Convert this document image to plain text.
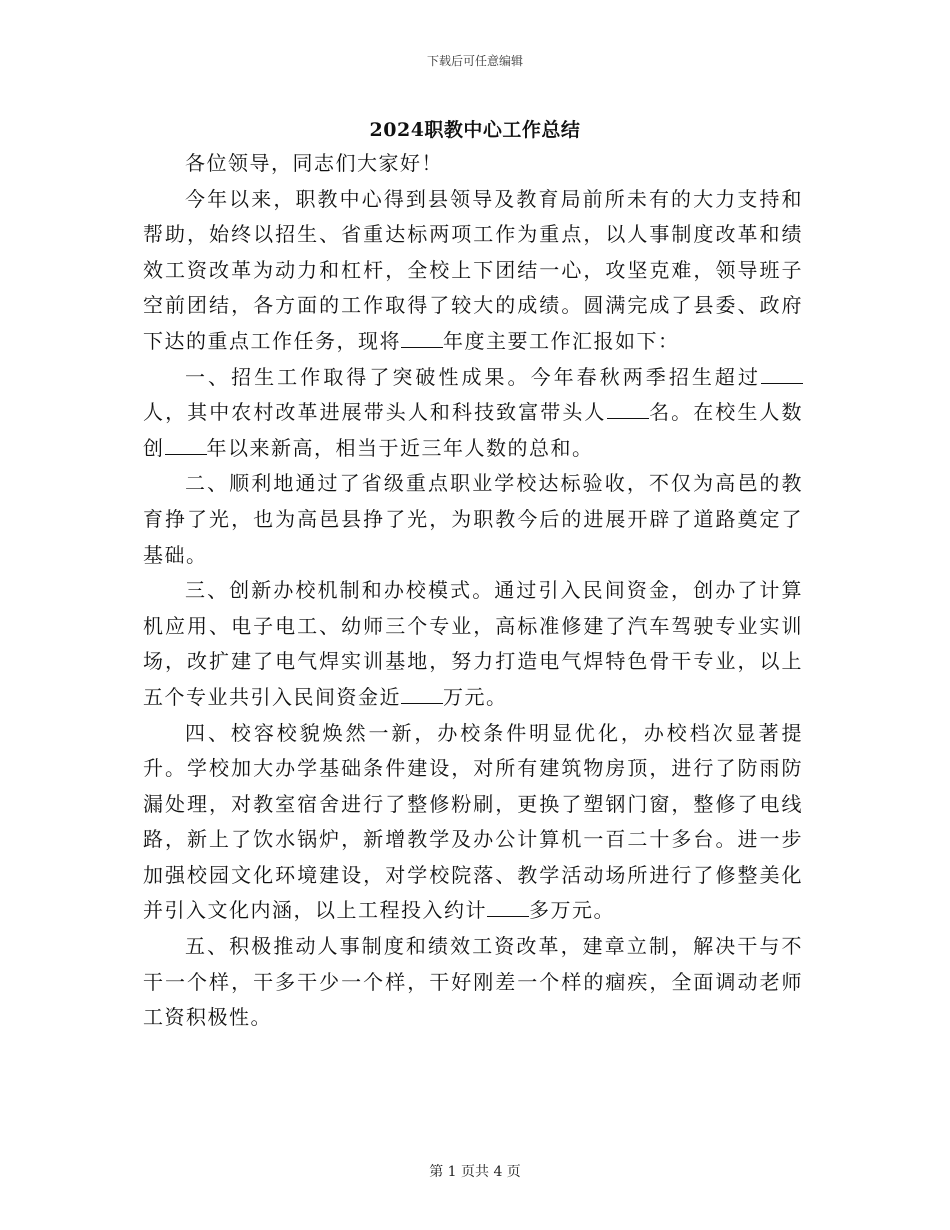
下载后可任意编辑
2024职教中心工作总结

各位领导，同志们大家好！

今年以来，职教中心得到县领导及教育局前所未有的大力支持和帮助，始终以招生、省重达标两项工作为重点，以人事制度改革和绩效工资改革为动力和杠杆，全校上下团结一心，攻坚克难，领导班子空前团结，各方面的工作取得了较大的成绩。圆满完成了县委、政府下达的重点工作任务，现将 年度主要工作汇报如下：

一、招生工作取得了突破性成果。今年春秋两季招生超过人，其中农村改革进展带头人和科技致富带头人 名。在校生人数创 年以来新高，相当于近三年人数的总和。

二、顺利地通过了省级重点职业学校达标验收，不仅为高邑的教育挣了光，也为高邑县挣了光，为职教今后的进展开辟了道路奠定了基础。

三、创新办校机制和办校模式。通过引入民间资金，创办了计算机应用、电子电工、幼师三个专业，高标准修建了汽车驾驶专业实训场，改扩建了电气焊实训基地，努力打造电气焊特色骨干专业，以上五个专业共引入民间资金近 万元。

四、校容校貌焕然一新，办校条件明显优化，办校档次显著提升。学校加大办学基础条件建设，对所有建筑物房顶，进行了防雨防漏处理，对教室宿舍进行了整修粉刷，更换了塑钢门窗，整修了电线路，新上了饮水锅炉，新增教学及办公计算机一百二十多台。进一步加强校园文化环境建设，对学校院落、教学活动场所进行了修整美化并引入文化内涵，以上工程投入约计 多万元。

五、积极推动人事制度和绩效工资改革，建章立制，解决干与不干一个样，干多干少一个样，干好刚差一个样的痼疾，全面调动老师工资积极性。

第 1 页共 4 页
